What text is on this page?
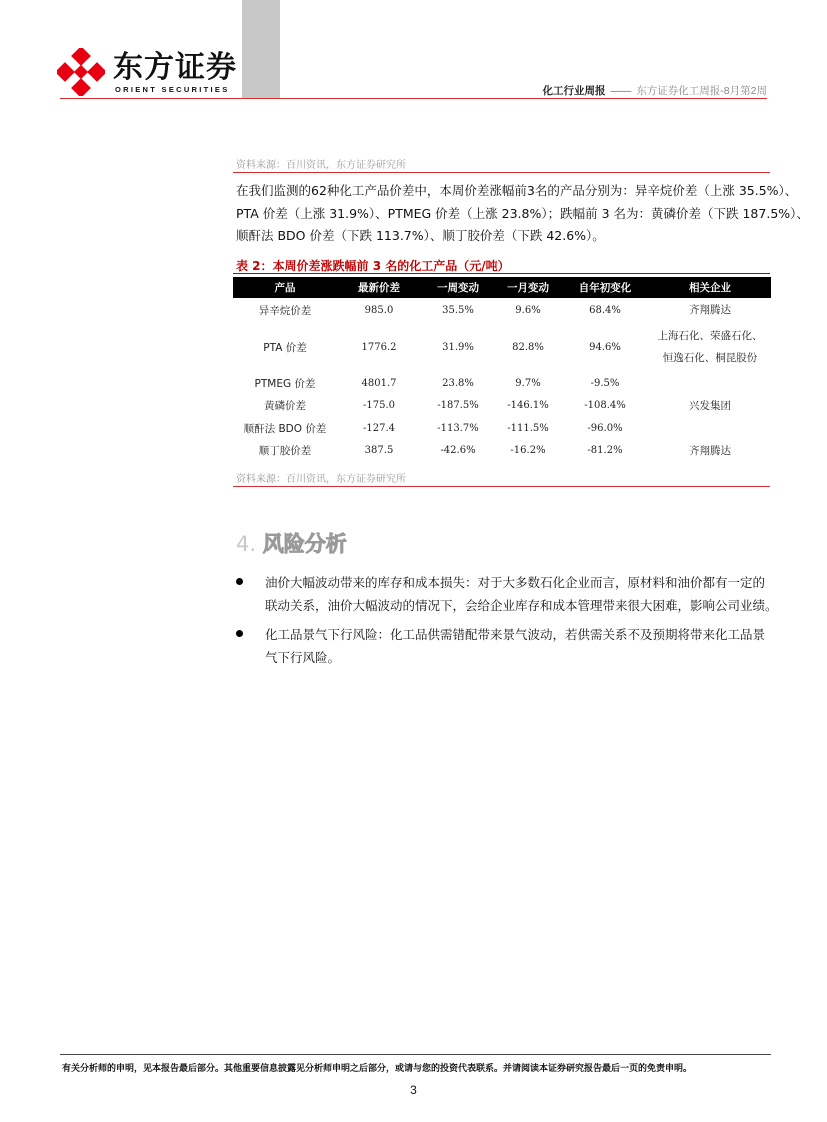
东方证券
ORIENT SECURITIES	化工行业周报 —— 东方证券化工周报-8月第2周
资料来源：百川资讯，东方证券研究所
在我们监测的62种化工产品价差中，本周价差涨幅前3名的产品分别为：异辛烷价差（上涨 35.5%）、
PTA 价差（上涨 31.9%）、PTMEG 价差（上涨 23.8%）；跌幅前 3 名为：黄磷价差（下跌 187.5%）、
顺酐法 BDO 价差（下跌 113.7%）、顺丁胶价差（下跌 42.6%）。
表 2：本周价差涨跌幅前 3 名的化工产品（元/吨）
产品	最新价差	一周变动	一月变动	自年初变化	相关企业
异辛烷价差	985.0	35.5%	9.6%	68.4%	齐翔腾达

PTA 价差	1776.2	31.9%	82.8%	94.6%	上海石化、荣盛石化、
恒逸石化、桐昆股份

PTMEG 价差	4801.7	23.8%	9.7%	-9.5%	

黄磷价差	-175.0	-187.5%	-146.1%	-108.4%	兴发集团

顺酐法 BDO 价差	-127.4	-113.7%	-111.5%	-96.0%	

顺丁胶价差	387.5	-42.6%	-16.2%	-81.2%	齐翔腾达
资料来源：百川资讯，东方证券研究所
4. 风险分析
油价大幅波动带来的库存和成本损失：对于大多数石化企业而言，原材料和油价都有一定的
联动关系，油价大幅波动的情况下，会给企业库存和成本管理带来很大困难，影响公司业绩。
化工品景气下行风险：化工品供需错配带来景气波动，若供需关系不及预期将带来化工品景
气下行风险。
有关分析师的申明，见本报告最后部分。其他重要信息披露见分析师申明之后部分，或请与您的投资代表联系。并请阅读本证券研究报告最后一页的免责申明。
3
